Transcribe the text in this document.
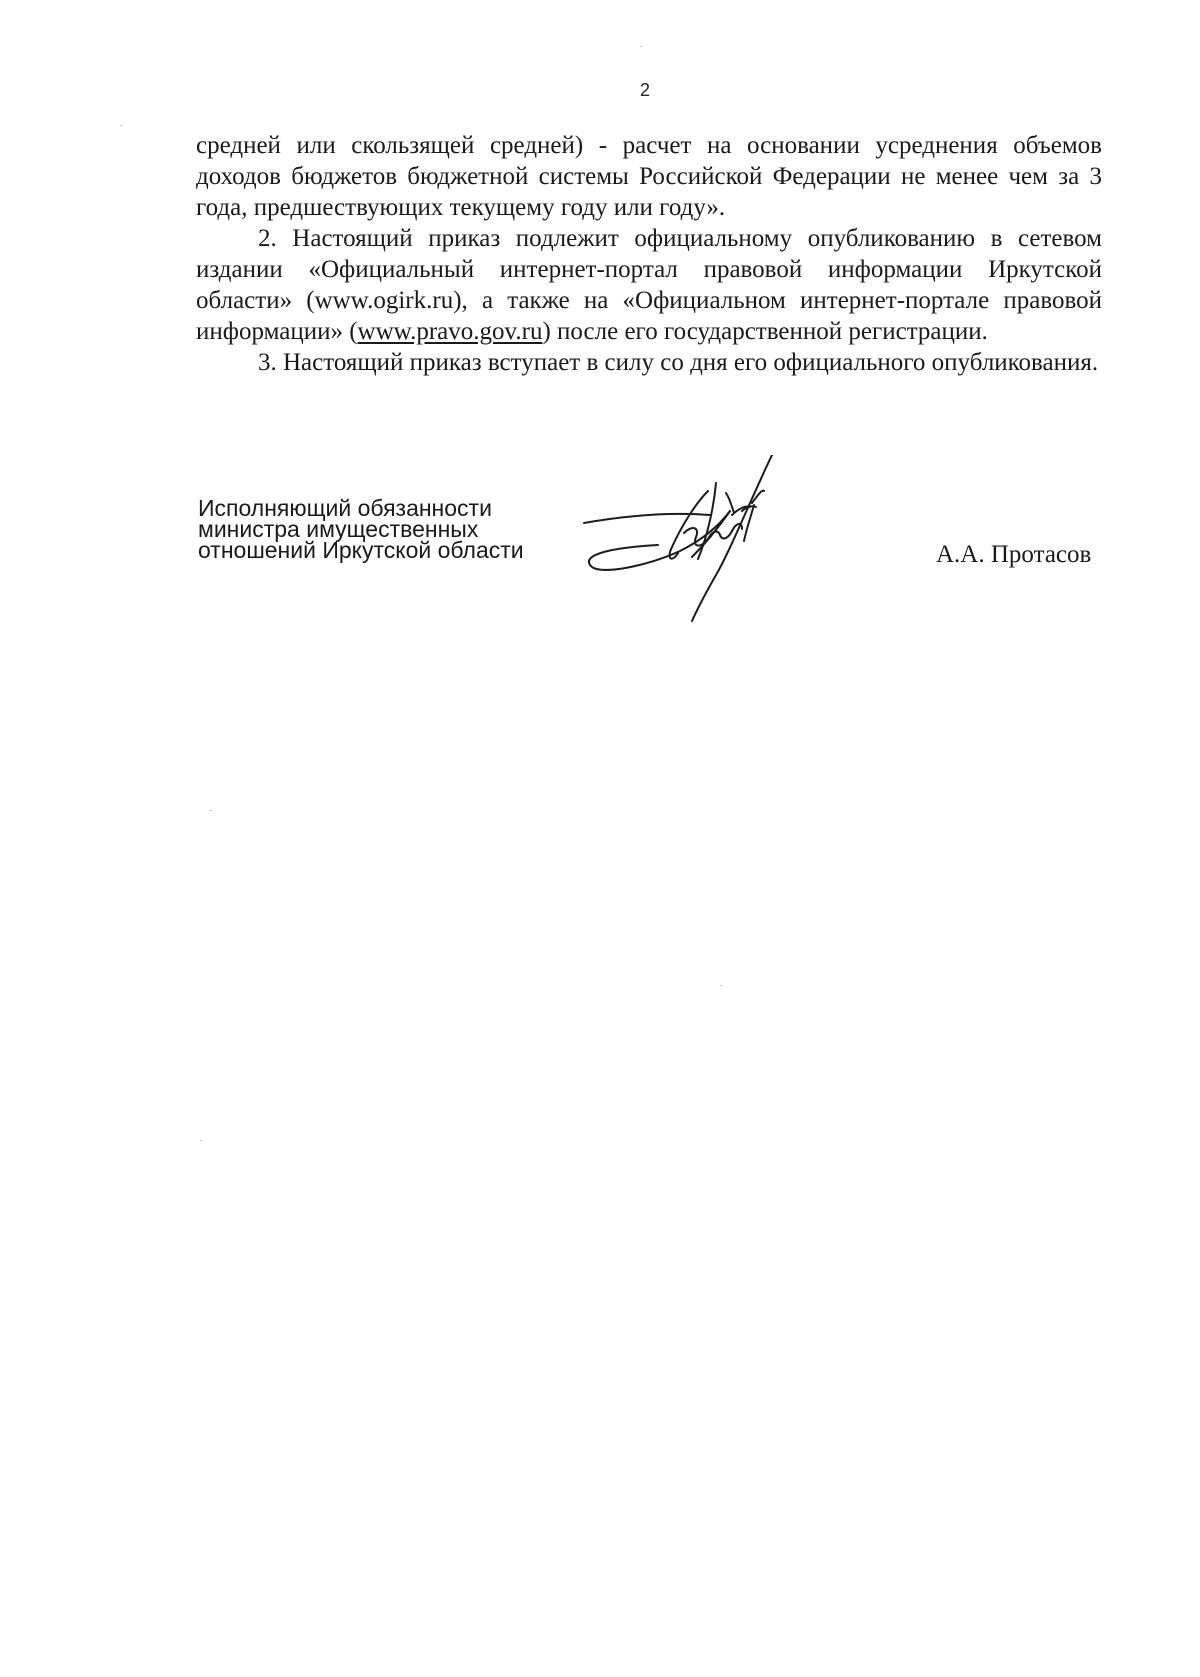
2

средней или скользящей средней) - расчет на основании усреднения объемов доходов бюджетов бюджетной системы Российской Федерации не менее чем за 3 года, предшествующих текущему году или году».

2. Настоящий приказ подлежит официальному опубликованию в сетевом издании «Официальный интернет-портал правовой информации Иркутской области» (www.ogirk.ru), а также на «Официальном интернет-портале правовой информации» (www.pravo.gov.ru) после его государственной регистрации.

3. Настоящий приказ вступает в силу со дня его официального опубликования.

Исполняющий обязанности
министра имущественных
отношений Иркутской области	А.А. Протасов
